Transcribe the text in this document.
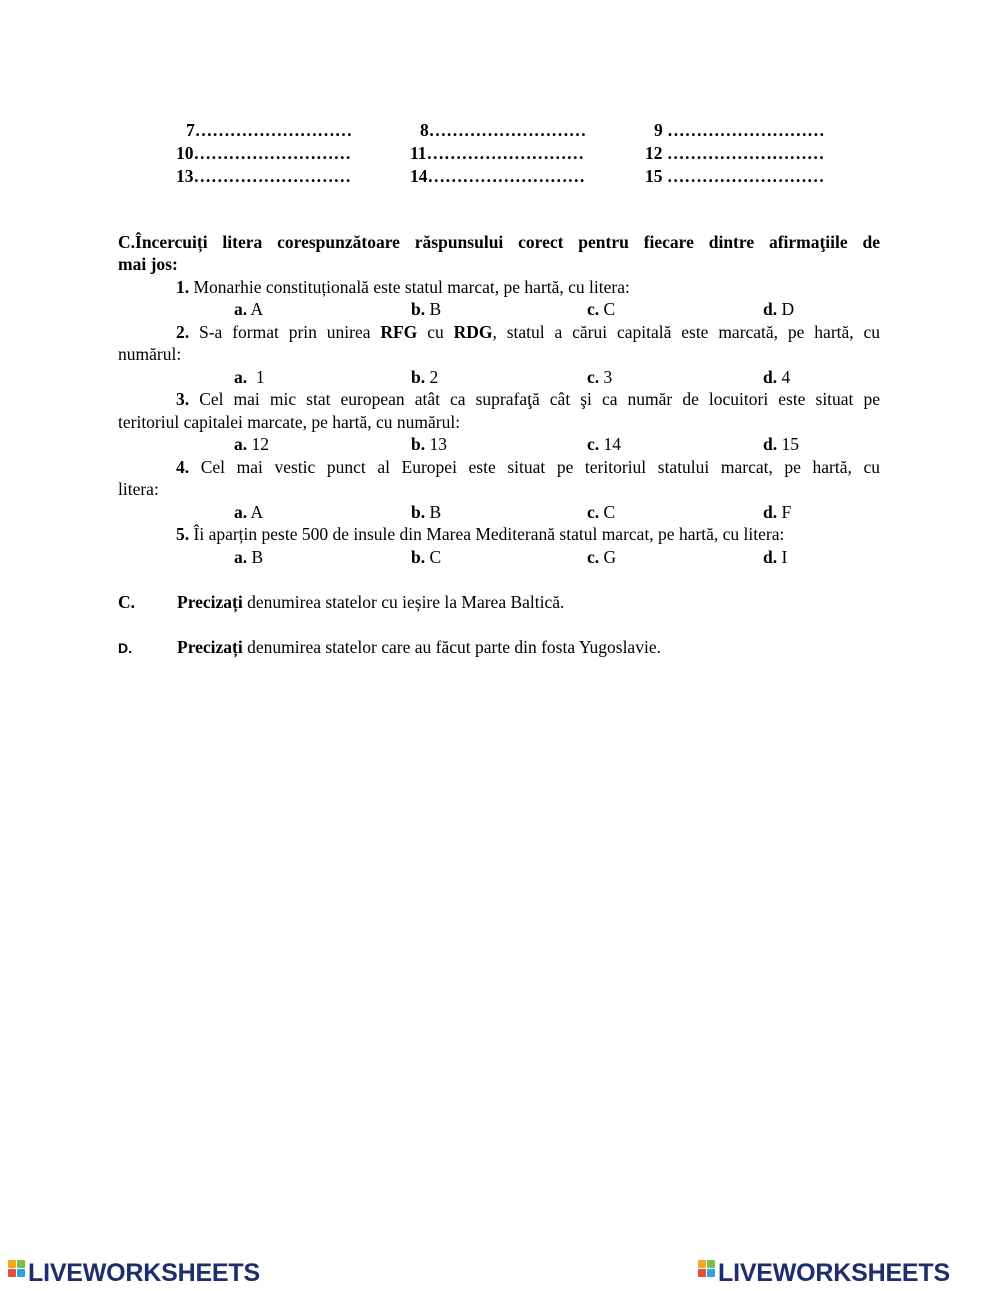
7………………………	8………………………	9 ………………………
10………………………	11………………………	12 ………………………
13………………………	14………………………	15 ………………………
C.Încercuiți litera corespunzătoare răspunsului corect pentru fiecare dintre afirmaţiile de
mai jos:
1. Monarhie constituțională este statul marcat, pe hartă, cu litera:
a. A	b. B	c. C	d. D
2. S-a format prin unirea RFG cu RDG, statul a cărui capitală este marcată, pe hartă, cu
numărul:
a.  1	b. 2	c. 3	d. 4
3. Cel mai mic stat european atât ca suprafaţă cât şi ca număr de locuitori este situat pe
teritoriul capitalei marcate, pe hartă, cu numărul:
a. 12	b. 13	c. 14	d. 15
4. Cel mai vestic punct al Europei este situat pe teritoriul statului marcat, pe hartă, cu
litera:
a. A	b. B	c. C	d. F
5. Îi aparțin peste 500 de insule din Marea Mediterană statul marcat, pe hartă, cu litera:
a. B	b. C	c. G	d. I
C. Precizați denumirea statelor cu ieșire la Marea Baltică.
D.	Precizați denumirea statelor care au făcut parte din fosta Yugoslavie.
LIVEWORKSHEETS	LIVEWORKSHEETS
